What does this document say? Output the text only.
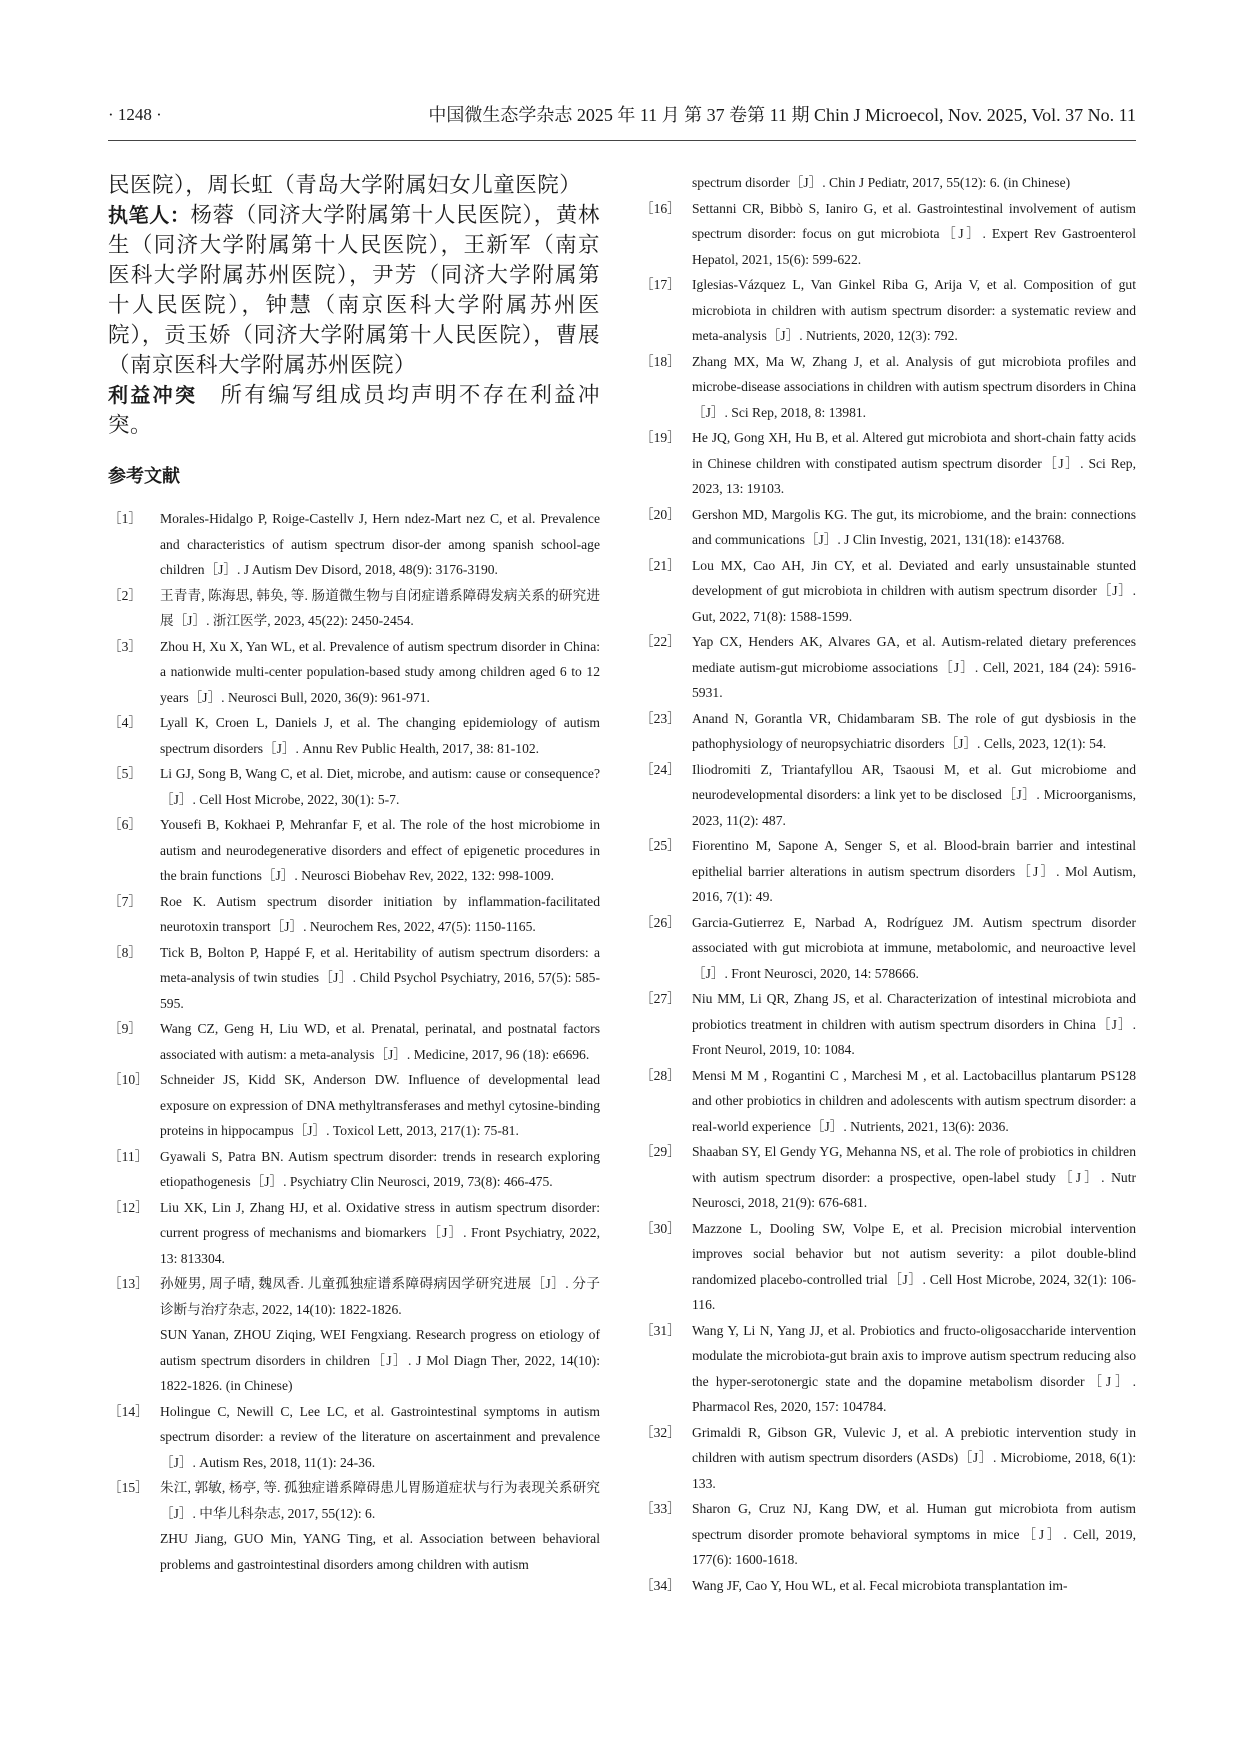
· 1248 ·	中国微生态学杂志 2025 年 11 月 第 37 卷第 11 期 Chin J Microecol, Nov. 2025, Vol. 37 No. 11

民医院），周长虹（青岛大学附属妇女儿童医院）

执笔人：杨蓉（同济大学附属第十人民医院），黄林生（同济大学附属第十人民医院），王新军（南京医科大学附属苏州医院），尹芳（同济大学附属第十人民医院），钟慧（南京医科大学附属苏州医院），贡玉娇（同济大学附属第十人民医院），曹展（南京医科大学附属苏州医院）

利益冲突 所有编写组成员均声明不存在利益冲突。

参考文献
［1］	Morales-Hidalgo P, Roige-Castellv J, Hern ndez-Mart nez C, et al. Prevalence and characteristics of autism spectrum disor-der among spanish school-age children［J］. J Autism Dev Disord, 2018, 48(9): 3176-3190.
［2］	王青青, 陈海思, 韩奂, 等. 肠道微生物与自闭症谱系障碍发病关系的研究进展［J］. 浙江医学, 2023, 45(22): 2450-2454.
［3］	Zhou H, Xu X, Yan WL, et al. Prevalence of autism spectrum disorder in China: a nationwide multi-center population-based study among children aged 6 to 12 years［J］. Neurosci Bull, 2020, 36(9): 961-971.
［4］	Lyall K, Croen L, Daniels J, et al. The changing epidemiology of autism spectrum disorders［J］. Annu Rev Public Health, 2017, 38: 81-102.
［5］	Li GJ, Song B, Wang C, et al. Diet, microbe, and autism: cause or consequence?［J］. Cell Host Microbe, 2022, 30(1): 5-7.
［6］	Yousefi B, Kokhaei P, Mehranfar F, et al. The role of the host microbiome in autism and neurodegenerative disorders and effect of epigenetic procedures in the brain functions［J］. Neurosci Biobehav Rev, 2022, 132: 998-1009.
［7］	Roe K. Autism spectrum disorder initiation by inflammation-facilitated neurotoxin transport［J］. Neurochem Res, 2022, 47(5): 1150-1165.
［8］	Tick B, Bolton P, Happé F, et al. Heritability of autism spectrum disorders: a meta-analysis of twin studies［J］. Child Psychol Psychiatry, 2016, 57(5): 585-595.
［9］	Wang CZ, Geng H, Liu WD, et al. Prenatal, perinatal, and postnatal factors associated with autism: a meta-analysis［J］. Medicine, 2017, 96 (18): e6696.
［10］ Schneider JS, Kidd SK, Anderson DW. Influence of developmental lead exposure on expression of DNA methyltransferases and methyl cytosine-binding proteins in hippocampus［J］. Toxicol Lett, 2013, 217(1): 75-81.
［11］ Gyawali S, Patra BN. Autism spectrum disorder: trends in research exploring etiopathogenesis［J］. Psychiatry Clin Neurosci, 2019, 73(8): 466-475.
［12］ Liu XK, Lin J, Zhang HJ, et al. Oxidative stress in autism spectrum disorder: current progress of mechanisms and biomarkers［J］. Front Psychiatry, 2022, 13: 813304.
［13］ 孙娅男, 周子晴, 魏凤香. 儿童孤独症谱系障碍病因学研究进展［J］. 分子诊断与治疗杂志, 2022, 14(10): 1822-1826.
SUN Yanan, ZHOU Ziqing, WEI Fengxiang. Research progress on etiology of autism spectrum disorders in children［J］. J Mol Diagn Ther, 2022, 14(10): 1822-1826. (in Chinese)
［14］ Holingue C, Newill C, Lee LC, et al. Gastrointestinal symptoms in autism spectrum disorder: a review of the literature on ascertainment and prevalence［J］. Autism Res, 2018, 11(1): 24-36.
［15］ 朱江, 郭敏, 杨亭, 等. 孤独症谱系障碍患儿胃肠道症状与行为表现关系研究［J］. 中华儿科杂志, 2017, 55(12): 6.
ZHU Jiang, GUO Min, YANG Ting, et al. Association between behavioral problems and gastrointestinal disorders among children with autism
spectrum disorder［J］. Chin J Pediatr, 2017, 55(12): 6. (in Chinese)
［16］ Settanni CR, Bibbò S, Ianiro G, et al. Gastrointestinal involvement of autism spectrum disorder: focus on gut microbiota［J］. Expert Rev Gastroenterol Hepatol, 2021, 15(6): 599-622.
［17］ Iglesias-Vázquez L, Van Ginkel Riba G, Arija V, et al. Composition of gut microbiota in children with autism spectrum disorder: a systematic review and meta-analysis［J］. Nutrients, 2020, 12(3): 792.
［18］ Zhang MX, Ma W, Zhang J, et al. Analysis of gut microbiota profiles and microbe-disease associations in children with autism spectrum disorders in China［J］. Sci Rep, 2018, 8: 13981.
［19］ He JQ, Gong XH, Hu B, et al. Altered gut microbiota and short-chain fatty acids in Chinese children with constipated autism spectrum disorder［J］. Sci Rep, 2023, 13: 19103.
［20］ Gershon MD, Margolis KG. The gut, its microbiome, and the brain: connections and communications［J］. J Clin Investig, 2021, 131(18): e143768.
［21］ Lou MX, Cao AH, Jin CY, et al. Deviated and early unsustainable stunted development of gut microbiota in children with autism spectrum disorder［J］. Gut, 2022, 71(8): 1588-1599.
［22］ Yap CX, Henders AK, Alvares GA, et al. Autism-related dietary preferences mediate autism-gut microbiome associations［J］. Cell, 2021, 184 (24): 5916-5931.
［23］ Anand N, Gorantla VR, Chidambaram SB. The role of gut dysbiosis in the pathophysiology of neuropsychiatric disorders［J］. Cells, 2023, 12(1): 54.
［24］ Iliodromiti Z, Triantafyllou AR, Tsaousi M, et al. Gut microbiome and neurodevelopmental disorders: a link yet to be disclosed［J］. Microorganisms, 2023, 11(2): 487.
［25］ Fiorentino M, Sapone A, Senger S, et al. Blood-brain barrier and intestinal epithelial barrier alterations in autism spectrum disorders［J］. Mol Autism, 2016, 7(1): 49.
［26］ Garcia-Gutierrez E, Narbad A, Rodríguez JM. Autism spectrum disorder associated with gut microbiota at immune, metabolomic, and neuroactive level［J］. Front Neurosci, 2020, 14: 578666.
［27］ Niu MM, Li QR, Zhang JS, et al. Characterization of intestinal microbiota and probiotics treatment in children with autism spectrum disorders in China［J］. Front Neurol, 2019, 10: 1084.
［28］ Mensi M M , Rogantini C , Marchesi M , et al. Lactobacillus plantarum PS128 and other probiotics in children and adolescents with autism spectrum disorder: a real-world experience［J］. Nutrients, 2021, 13(6): 2036.
［29］ Shaaban SY, El Gendy YG, Mehanna NS, et al. The role of probiotics in children with autism spectrum disorder: a prospective, open-label study［J］. Nutr Neurosci, 2018, 21(9): 676-681.
［30］ Mazzone L, Dooling SW, Volpe E, et al. Precision microbial intervention improves social behavior but not autism severity: a pilot double-blind randomized placebo-controlled trial［J］. Cell Host Microbe, 2024, 32(1): 106-116.
［31］ Wang Y, Li N, Yang JJ, et al. Probiotics and fructo-oligosaccharide intervention modulate the microbiota-gut brain axis to improve autism spectrum reducing also the hyper-serotonergic state and the dopamine metabolism disorder［J］. Pharmacol Res, 2020, 157: 104784.
［32］ Grimaldi R, Gibson GR, Vulevic J, et al. A prebiotic intervention study in children with autism spectrum disorders (ASDs)［J］. Microbiome, 2018, 6(1): 133.
［33］ Sharon G, Cruz NJ, Kang DW, et al. Human gut microbiota from autism spectrum disorder promote behavioral symptoms in mice［J］. Cell, 2019, 177(6): 1600-1618.
［34］ Wang JF, Cao Y, Hou WL, et al. Fecal microbiota transplantation im-
